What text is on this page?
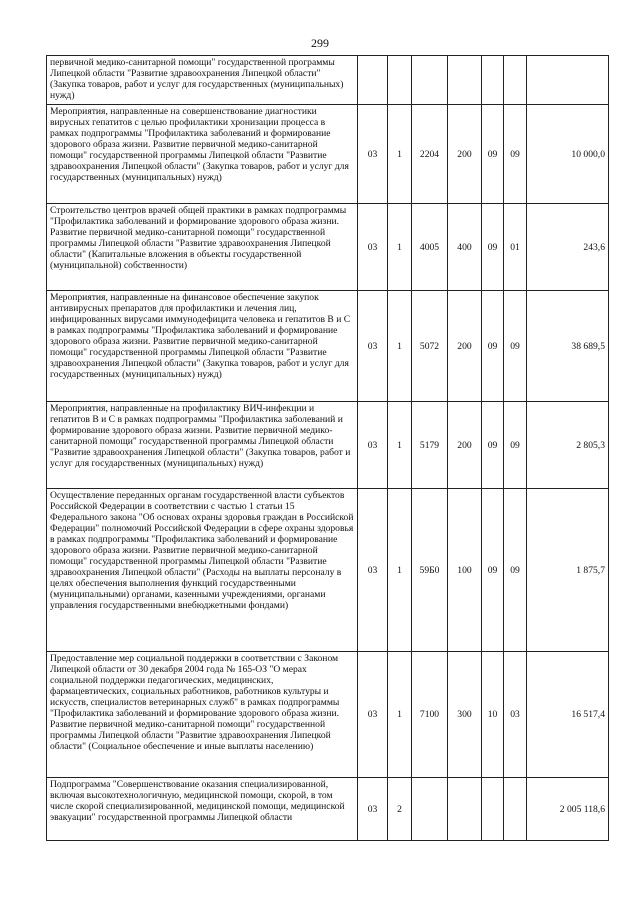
299
первичной медико-санитарной помощи" государственной программы Липецкой области "Развитие здравоохранения Липецкой области" (Закупка товаров, работ и услуг для государственных (муниципальных) нужд)							
Мероприятия, направленные на совершенствование диагностики вирусных гепатитов с целью профилактики хронизации процесса в рамках подпрограммы "Профилактика заболеваний и формирование здорового образа жизни. Развитие первичной медико-санитарной помощи" государственной программы Липецкой области "Развитие здравоохранения Липецкой области" (Закупка товаров, работ и услуг для государственных (муниципальных) нужд)	03	1	2204	200	09	09	10 000,0
Строительство центров врачей общей практики в рамках подпрограммы "Профилактика заболеваний и формирование здорового образа жизни. Развитие первичной медико-санитарной помощи" государственной программы Липецкой области "Развитие здравоохранения Липецкой области" (Капитальные вложения в объекты государственной (муниципальной) собственности)	03	1	4005	400	09	01	243,6
Мероприятия, направленные на финансовое обеспечение закупок антивирусных препаратов для профилактики и лечения лиц, инфицированных вирусами иммунодефицита человека и гепатитов В и С в рамках подпрограммы "Профилактика заболеваний и формирование здорового образа жизни. Развитие первичной медико-санитарной помощи" государственной программы Липецкой области "Развитие здравоохранения Липецкой области" (Закупка товаров, работ и услуг для государственных (муниципальных) нужд)	03	1	5072	200	09	09	38 689,5
Мероприятия, направленные на профилактику ВИЧ-инфекции и гепатитов В и С в рамках подпрограммы "Профилактика заболеваний и формирование здорового образа жизни. Развитие первичной медико-санитарной помощи" государственной программы Липецкой области "Развитие здравоохранения Липецкой области" (Закупка товаров, работ и услуг для государственных (муниципальных) нужд)	03	1	5179	200	09	09	2 805,3
Осуществление переданных органам государственной власти субъектов Российской Федерации в соответствии с частью 1 статьи 15 Федерального закона "Об основах охраны здоровья граждан в Российской Федерации" полномочий Российской Федерации в сфере охраны здоровья в рамках подпрограммы "Профилактика заболеваний и формирование здорового образа жизни. Развитие первичной медико-санитарной помощи" государственной программы Липецкой области "Развитие здравоохранения Липецкой области" (Расходы на выплаты персоналу в целях обеспечения выполнения функций государственными (муниципальными) органами, казенными учреждениями, органами управления государственными внебюджетными фондами)	03	1	59Б0	100	09	09	1 875,7
Предоставление мер социальной поддержки в соответствии с Законом Липецкой области от 30 декабря 2004 года № 165-ОЗ "О мерах социальной поддержки педагогических, медицинских, фармацевтических, социальных работников, работников культуры и искусств, специалистов ветеринарных служб" в рамках подпрограммы "Профилактика заболеваний и формирование здорового образа жизни. Развитие первичной медико-санитарной помощи" государственной программы Липецкой области "Развитие здравоохранения Липецкой области" (Социальное обеспечение и иные выплаты населению)	03	1	7100	300	10	03	16 517,4
Подпрограмма "Совершенствование оказания специализированной, включая высокотехнологичную, медицинской помощи, скорой, в том числе скорой специализированной, медицинской помощи, медицинской эвакуации" государственной программы Липецкой области	03	2					2 005 118,6
